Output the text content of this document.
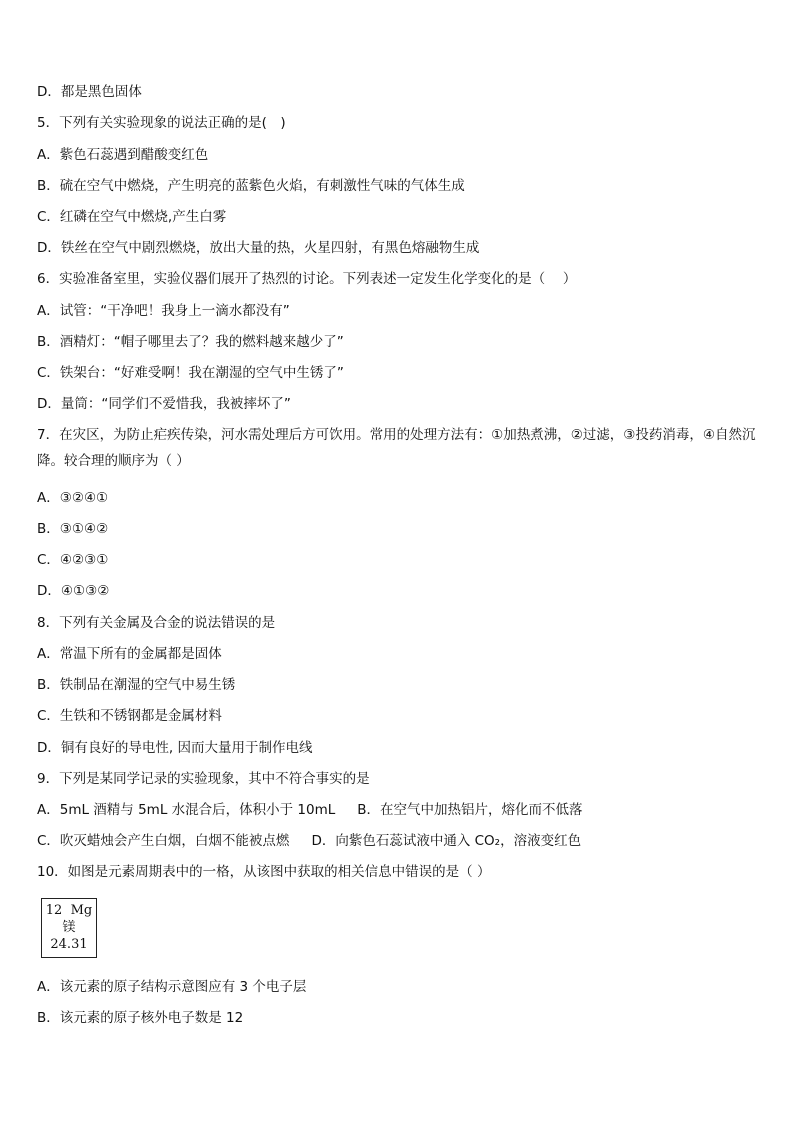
D．都是黑色固体
5．下列有关实验现象的说法正确的是(　)
A．紫色石蕊遇到醋酸变红色
B．硫在空气中燃烧，产生明亮的蓝紫色火焰，有刺激性气味的气体生成
C．红磷在空气中燃烧,产生白雾
D．铁丝在空气中剧烈燃烧，放出大量的热，火星四射，有黑色熔融物生成
6．实验准备室里，实验仪器们展开了热烈的讨论。下列表述一定发生化学变化的是（　 ）
A．试管：“干净吧！我身上一滴水都没有”
B．酒精灯：“帽子哪里去了？我的燃料越来越少了”
C．铁架台：“好难受啊！我在潮湿的空气中生锈了”
D．量筒：“同学们不爱惜我，我被摔坏了”
7．在灾区，为防止疟疾传染，河水需处理后方可饮用。常用的处理方法有：①加热煮沸，②过滤，③投药消毒，④自然沉降。较合理的顺序为（ ）
A．③②④①
B．③①④②
C．④②③①
D．④①③②
8．下列有关金属及合金的说法错误的是
A．常温下所有的金属都是固体
B．铁制品在潮湿的空气中易生锈
C．生铁和不锈钢都是金属材料
D．铜有良好的导电性, 因而大量用于制作电线
9．下列是某同学记录的实验现象，其中不符合事实的是
A．5mL 酒精与 5mL 水混合后，体积小于 10mL B．在空气中加热铝片，熔化而不低落
C．吹灭蜡烛会产生白烟，白烟不能被点燃 D．向紫色石蕊试液中通入 CO₂，溶液变红色
10．如图是元素周期表中的一格，从该图中获取的相关信息中错误的是（ ）
12 Mg
镁
24.31
A．该元素的原子结构示意图应有 3 个电子层
B．该元素的原子核外电子数是 12
